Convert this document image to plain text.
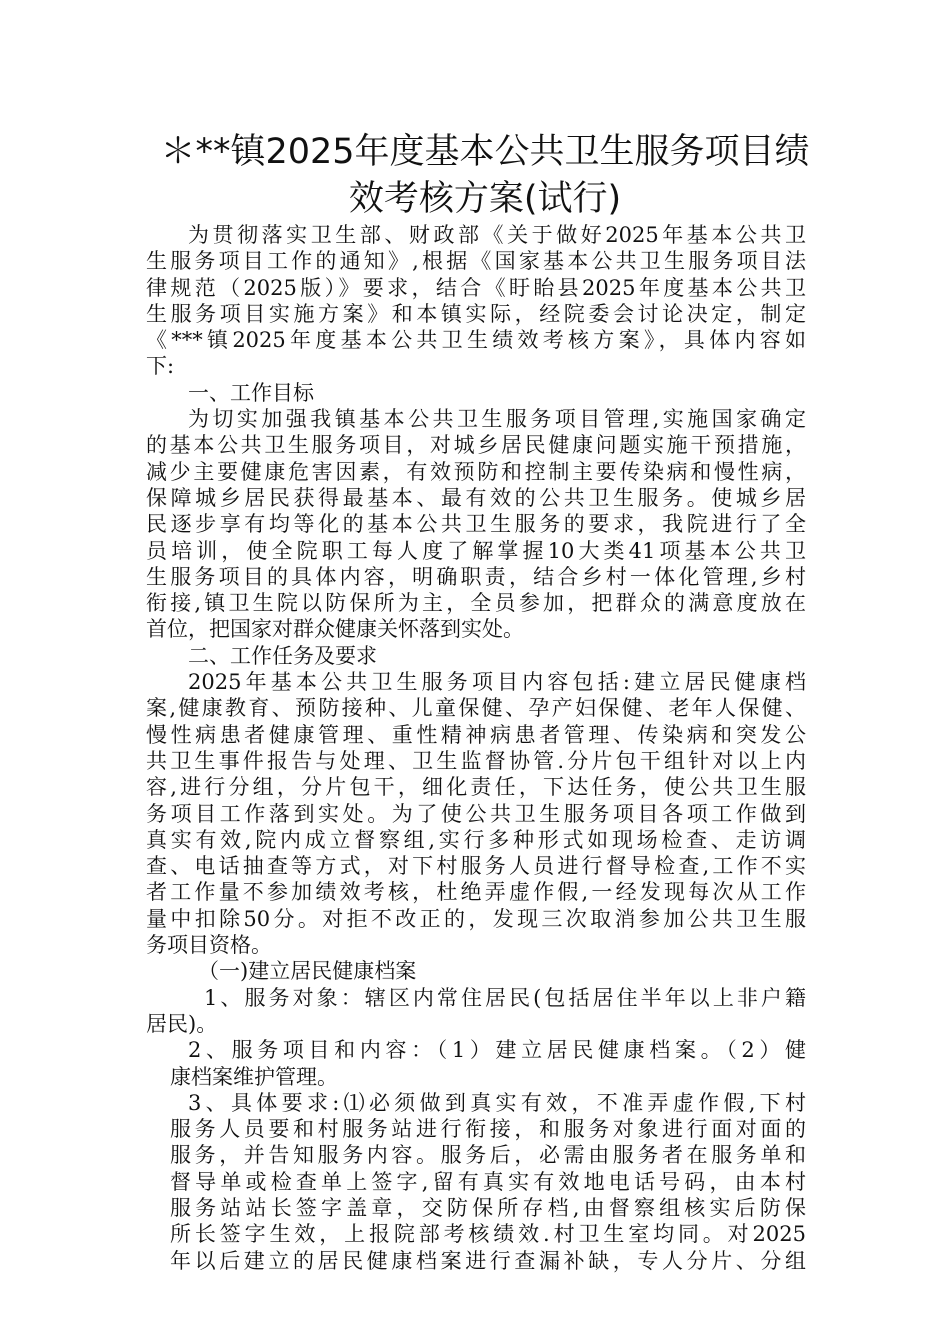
＊**镇2025年度基本公共卫生服务项目绩
效考核方案(试行)

为贯彻落实卫生部、财政部《关于做好2025年基本公共卫
生服务项目工作的通知》,根据《国家基本公共卫生服务项目法
律规范（2025版）》要求，结合《盱眙县2025年度基本公共卫
生服务项目实施方案》和本镇实际，经院委会讨论决定，制定
《***镇2025年度基本公共卫生绩效考核方案》，具体内容如
下:

一、工作目标

为切实加强我镇基本公共卫生服务项目管理,实施国家确定
的基本公共卫生服务项目，对城乡居民健康问题实施干预措施，
减少主要健康危害因素，有效预防和控制主要传染病和慢性病，
保障城乡居民获得最基本、最有效的公共卫生服务。使城乡居
民逐步享有均等化的基本公共卫生服务的要求，我院进行了全
员培训，使全院职工每人度了解掌握10大类41项基本公共卫
生服务项目的具体内容，明确职责，结合乡村一体化管理,乡村
衔接,镇卫生院以防保所为主，全员参加，把群众的满意度放在
首位，把国家对群众健康关怀落到实处。

二、工作任务及要求

2025年基本公共卫生服务项目内容包括:建立居民健康档
案,健康教育、预防接种、儿童保健、孕产妇保健、老年人保健、
慢性病患者健康管理、重性精神病患者管理、传染病和突发公
共卫生事件报告与处理、卫生监督协管.分片包干组针对以上内
容,进行分组，分片包干，细化责任，下达任务，使公共卫生服
务项目工作落到实处。为了使公共卫生服务项目各项工作做到
真实有效,院内成立督察组,实行多种形式如现场检查、走访调
查、电话抽查等方式，对下村服务人员进行督导检查,工作不实
者工作量不参加绩效考核，杜绝弄虚作假,一经发现每次从工作
量中扣除50分。对拒不改正的，发现三次取消参加公共卫生服
务项目资格。

（一)建立居民健康档案

1、服务对象：辖区内常住居民(包括居住半年以上非户籍
居民)。

2、服务项目和内容：（1）建立居民健康档案。（2）健
康档案维护管理。

3、具体要求:⑴必须做到真实有效，不准弄虚作假,下村
服务人员要和村服务站进行衔接，和服务对象进行面对面的
服务，并告知服务内容。服务后，必需由服务者在服务单和
督导单或检查单上签字,留有真实有效地电话号码，由本村
服务站站长签字盖章，交防保所存档,由督察组核实后防保
所长签字生效，上报院部考核绩效.村卫生室均同。对2025
年以后建立的居民健康档案进行查漏补缺，专人分片、分组
